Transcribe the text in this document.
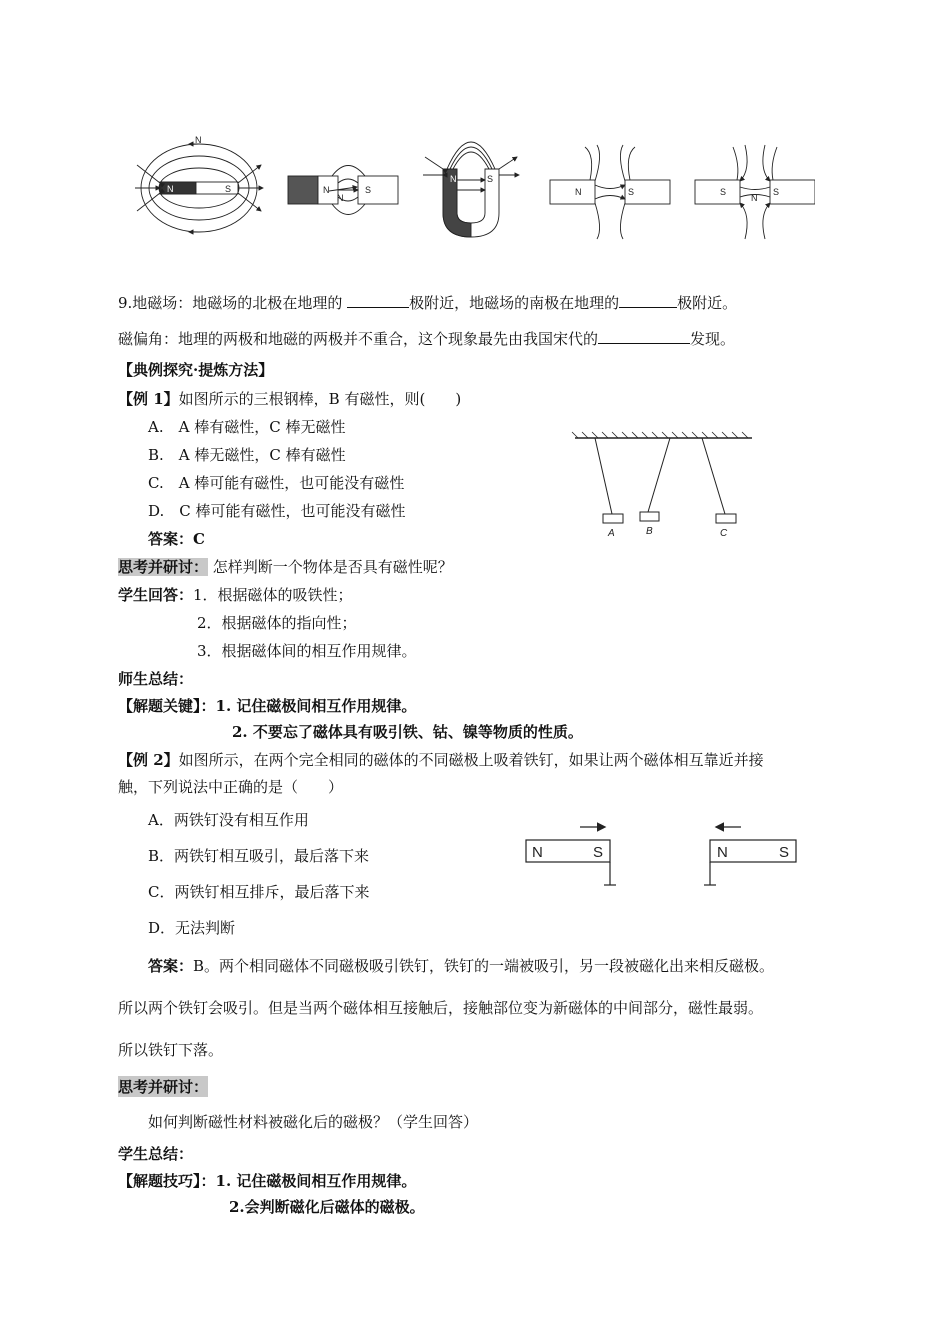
N
N	S	N
N
S
N	S
N	S	S
N
S
9.地磁场：地磁场的北极在地理的	极附近，地磁场的南极在地理的	极附近。
磁偏角：地理的两极和地磁的两极并不重合，这个现象最先由我国宋代的	发现。
【典例探究·提炼方法】
【例 1】如图所示的三根钢棒，B 有磁性，则(　　)
A.　A 棒有磁性，C 棒无磁性
B.　A 棒无磁性，C 棒有磁性
C.　A 棒可能有磁性，也可能没有磁性
D.　C 棒可能有磁性，也可能没有磁性
答案：C	A	B	C
思考并研讨： 怎样判断一个物体是否具有磁性呢？
学生回答：1．根据磁体的吸铁性；
2．根据磁体的指向性；
3．根据磁体间的相互作用规律。
师生总结：
【解题关键】：1. 记住磁极间相互作用规律。
2. 不要忘了磁体具有吸引铁、钴、镍等物质的性质。
【例 2】如图所示，在两个完全相同的磁体的不同磁极上吸着铁钉，如果让两个磁体相互靠近并接
触，下列说法中正确的是（　　）
A．两铁钉没有相互作用
B．两铁钉相互吸引，最后落下来
C．两铁钉相互排斥，最后落下来
D．无法判断
N	S	N	S
答案：B。两个相同磁体不同磁极吸引铁钉，铁钉的一端被吸引，另一段被磁化出来相反磁极。
所以两个铁钉会吸引。但是当两个磁体相互接触后，接触部位变为新磁体的中间部分，磁性最弱。
所以铁钉下落。
思考并研讨：
如何判断磁性材料被磁化后的磁极？（学生回答）
学生总结：
【解题技巧】：1. 记住磁极间相互作用规律。
2.会判断磁化后磁体的磁极。
